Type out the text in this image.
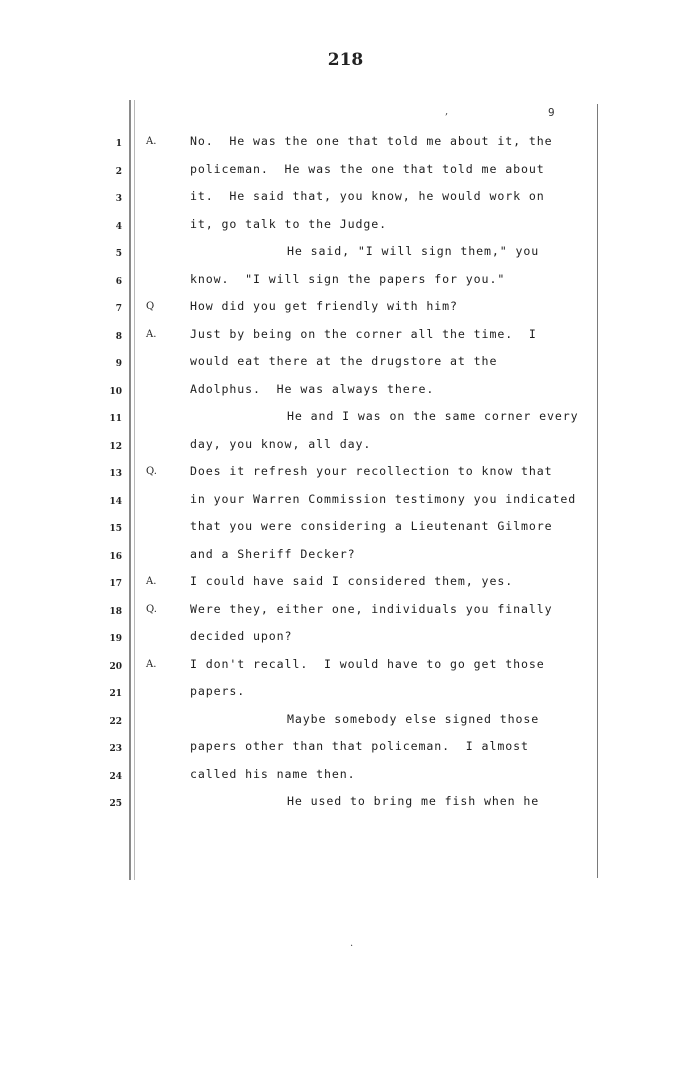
218
,	9
1 A.	No.  He was the one that told me about it, the
2	policeman.  He was the one that told me about
3	it.  He said that, you know, he would work on
4	it, go talk to the Judge.
5	He said, "I will sign them," you
6	know.  "I will sign the papers for you."
7 Q	How did you get friendly with him?
8 A.	Just by being on the corner all the time.  I
9	would eat there at the drugstore at the
10	Adolphus.  He was always there.
11	He and I was on the same corner every
12	day, you know, all day.
13 Q.	Does it refresh your recollection to know that
14	in your Warren Commission testimony you indicated
15	that you were considering a Lieutenant Gilmore
16	and a Sheriff Decker?
17 A.	I could have said I considered them, yes.
18 Q.	Were they, either one, individuals you finally
19	decided upon?
20 A.	I don't recall.  I would have to go get those
21	papers.
22	Maybe somebody else signed those
23	papers other than that policeman.  I almost
24	called his name then.
25	He used to bring me fish when he
.
